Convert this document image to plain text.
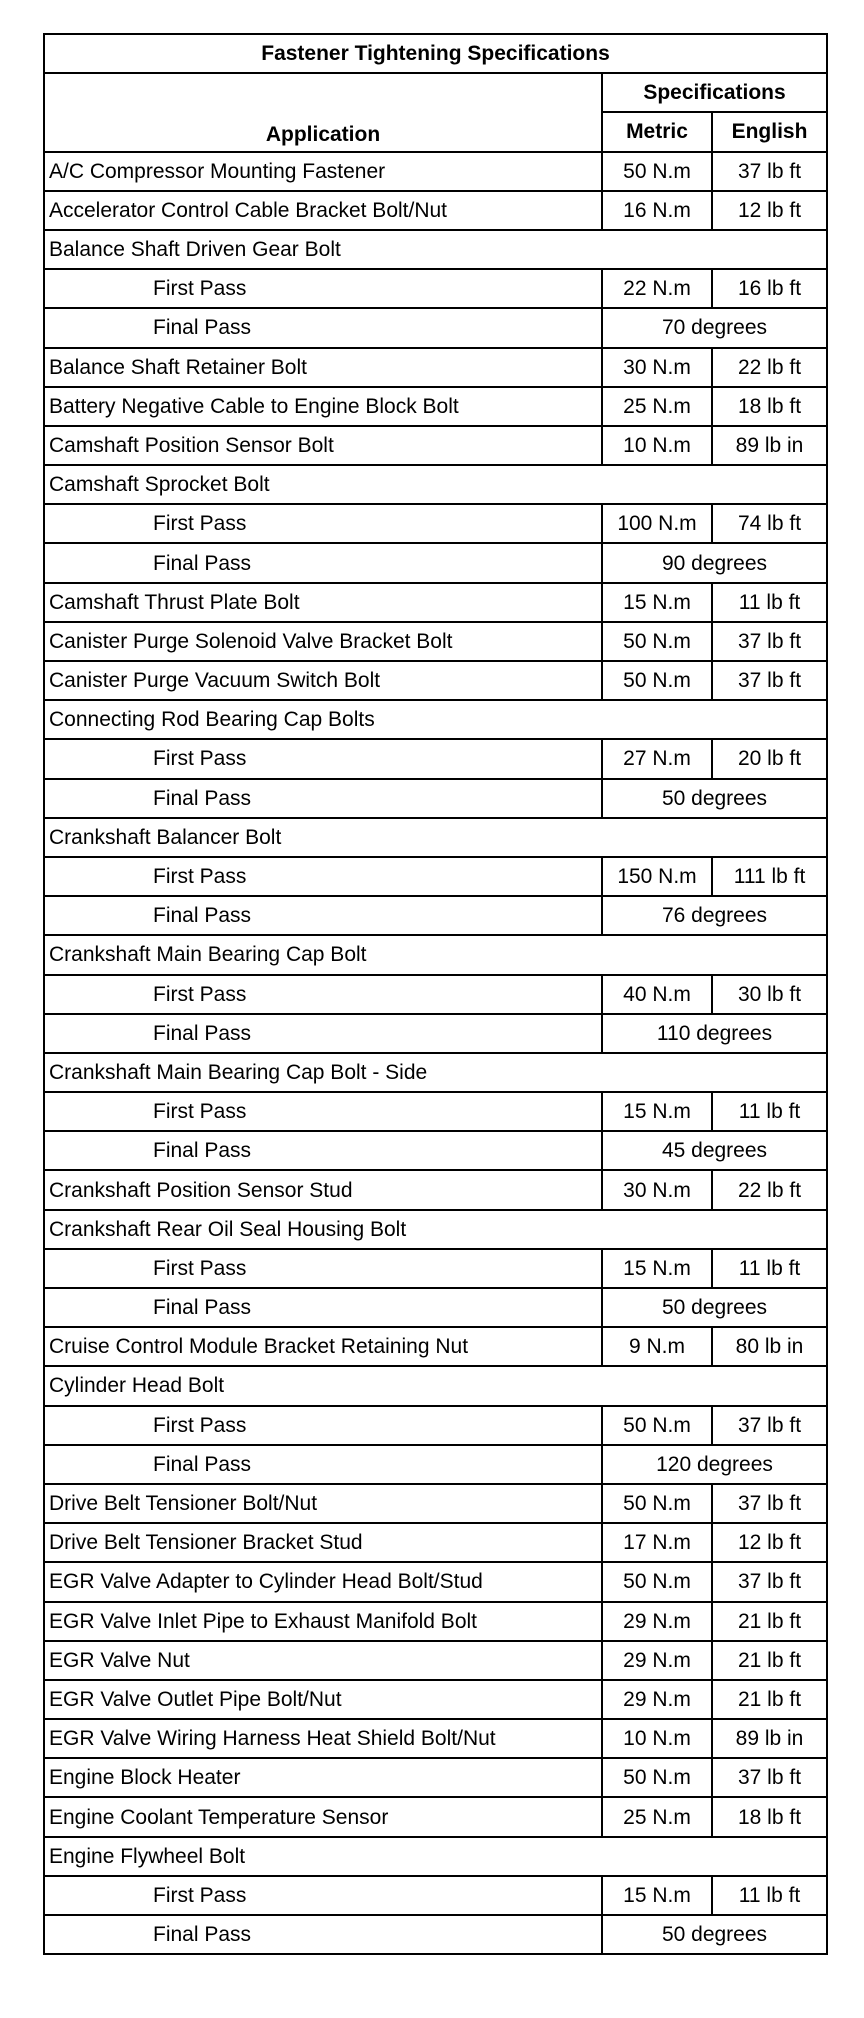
Fastener Tightening Specifications		
Application	Specifications	
	Metric	English
A/C Compressor Mounting Fastener	50 N.m	37 lb ft
Accelerator Control Cable Bracket Bolt/Nut	16 N.m	12 lb ft
Balance Shaft Driven Gear Bolt		
First Pass	22 N.m	16 lb ft
Final Pass	70 degrees	
Balance Shaft Retainer Bolt	30 N.m	22 lb ft
Battery Negative Cable to Engine Block Bolt	25 N.m	18 lb ft
Camshaft Position Sensor Bolt	10 N.m	89 lb in
Camshaft Sprocket Bolt		
First Pass	100 N.m	74 lb ft
Final Pass	90 degrees	
Camshaft Thrust Plate Bolt	15 N.m	11 lb ft
Canister Purge Solenoid Valve Bracket Bolt	50 N.m	37 lb ft
Canister Purge Vacuum Switch Bolt	50 N.m	37 lb ft
Connecting Rod Bearing Cap Bolts		
First Pass	27 N.m	20 lb ft
Final Pass	50 degrees	
Crankshaft Balancer Bolt		
First Pass	150 N.m	111 lb ft
Final Pass	76 degrees	
Crankshaft Main Bearing Cap Bolt		
First Pass	40 N.m	30 lb ft
Final Pass	110 degrees	
Crankshaft Main Bearing Cap Bolt - Side		
First Pass	15 N.m	11 lb ft
Final Pass	45 degrees	
Crankshaft Position Sensor Stud	30 N.m	22 lb ft
Crankshaft Rear Oil Seal Housing Bolt		
First Pass	15 N.m	11 lb ft
Final Pass	50 degrees	
Cruise Control Module Bracket Retaining Nut	9 N.m	80 lb in
Cylinder Head Bolt		
First Pass	50 N.m	37 lb ft
Final Pass	120 degrees	
Drive Belt Tensioner Bolt/Nut	50 N.m	37 lb ft
Drive Belt Tensioner Bracket Stud	17 N.m	12 lb ft
EGR Valve Adapter to Cylinder Head Bolt/Stud	50 N.m	37 lb ft
EGR Valve Inlet Pipe to Exhaust Manifold Bolt	29 N.m	21 lb ft
EGR Valve Nut	29 N.m	21 lb ft
EGR Valve Outlet Pipe Bolt/Nut	29 N.m	21 lb ft
EGR Valve Wiring Harness Heat Shield Bolt/Nut	10 N.m	89 lb in
Engine Block Heater	50 N.m	37 lb ft
Engine Coolant Temperature Sensor	25 N.m	18 lb ft
Engine Flywheel Bolt		
First Pass	15 N.m	11 lb ft
Final Pass	50 degrees	
